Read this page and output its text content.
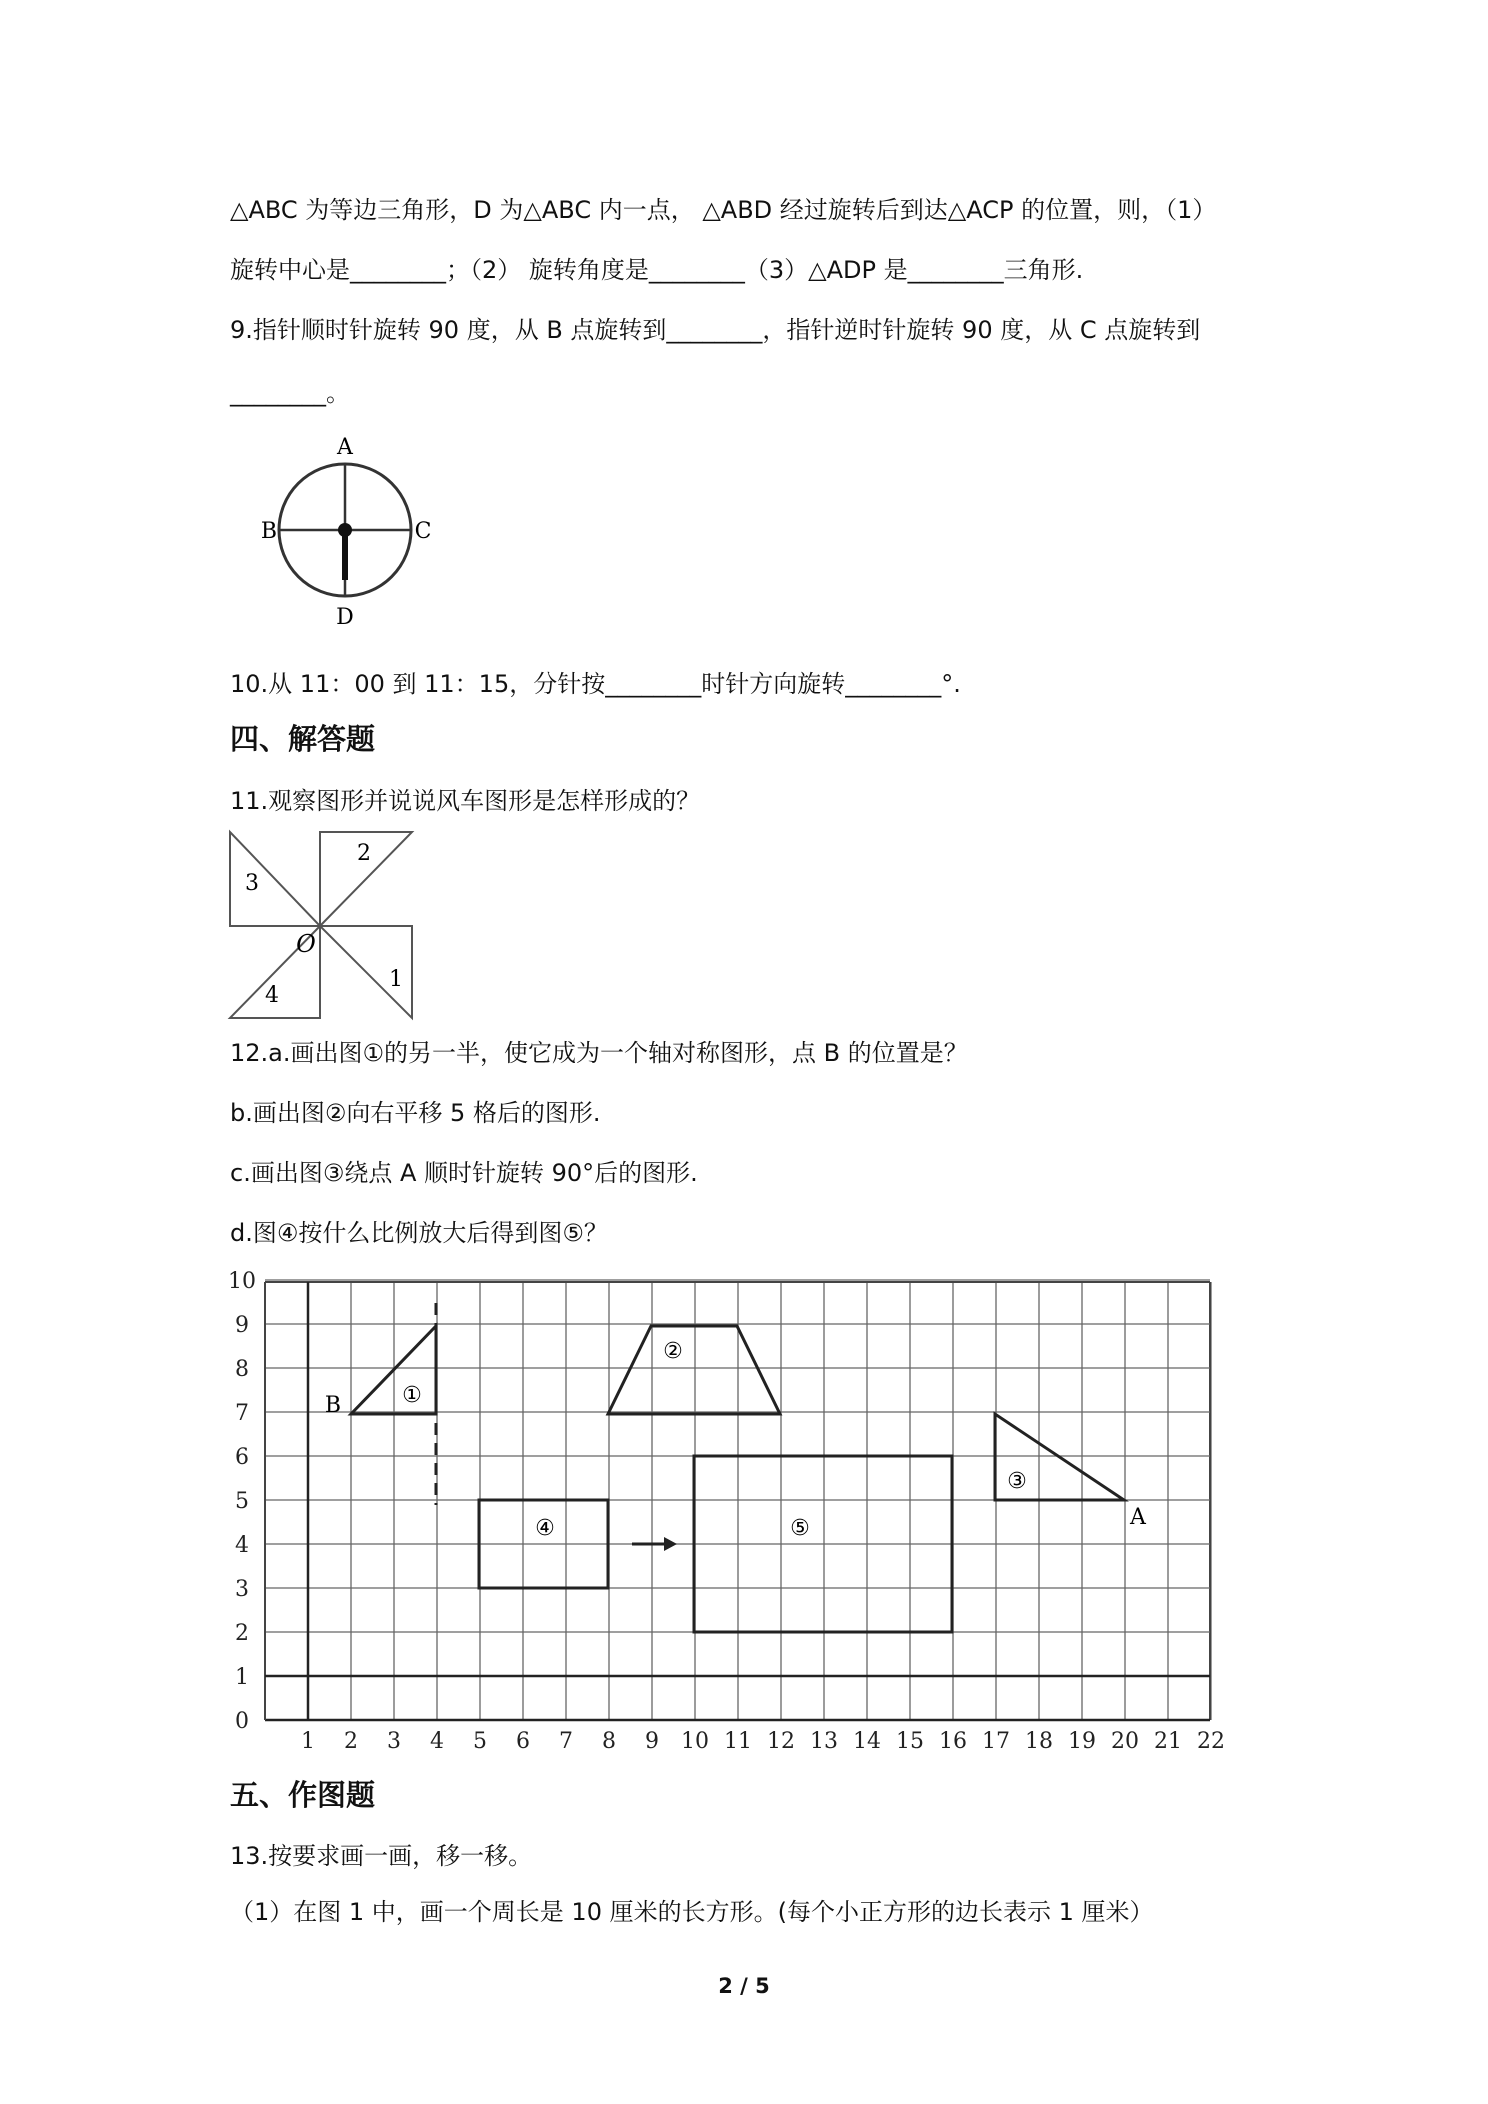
△ABC 为等边三角形，D 为△ABC 内一点， △ABD 经过旋转后到达△ACP 的位置，则，（1）
旋转中心是________；（2） 旋转角度是________（3）△ADP 是________三角形.
9.指针顺时针旋转 90 度，从 B 点旋转到________，指针逆时针旋转 90 度，从 C 点旋转到
________。
A
B	C
D
10.从 11：00 到 11：15，分针按________时针方向旋转________°.
四、解答题
11.观察图形并说说风车图形是怎样形成的？
1
2
3
4
O
12.a.画出图①的另一半，使它成为一个轴对称图形，点 B 的位置是？
b.画出图②向右平移 5 格后的图形.
c.画出图③绕点 A 顺时针旋转 90°后的图形.
d.图④按什么比例放大后得到图⑤？
0
1
2
3
4
5
6
7
8
9
10
1 2 3 4 5 6 7 8 9 10 11 12 13 14 15 16 17 18 19 20 21 22
B
A
①
②
③
④	⑤
五、作图题
13.按要求画一画，移一移。
（1）在图 1 中，画一个周长是 10 厘米的长方形。(每个小正方形的边长表示 1 厘米）
2 / 5
